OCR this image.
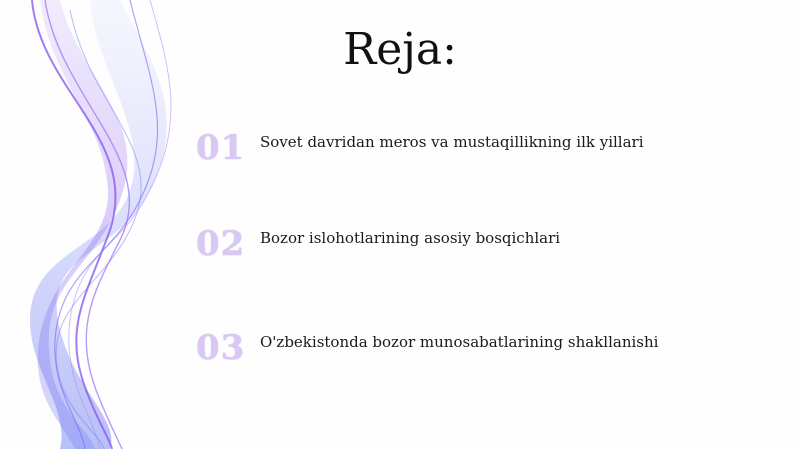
Reja:
01 Sovet davridan meros va mustaqillikning ilk yillari
02 Bozor islohotlarining asosiy bosqichlari
03 O'zbekistonda bozor munosabatlarining shakllanishi
